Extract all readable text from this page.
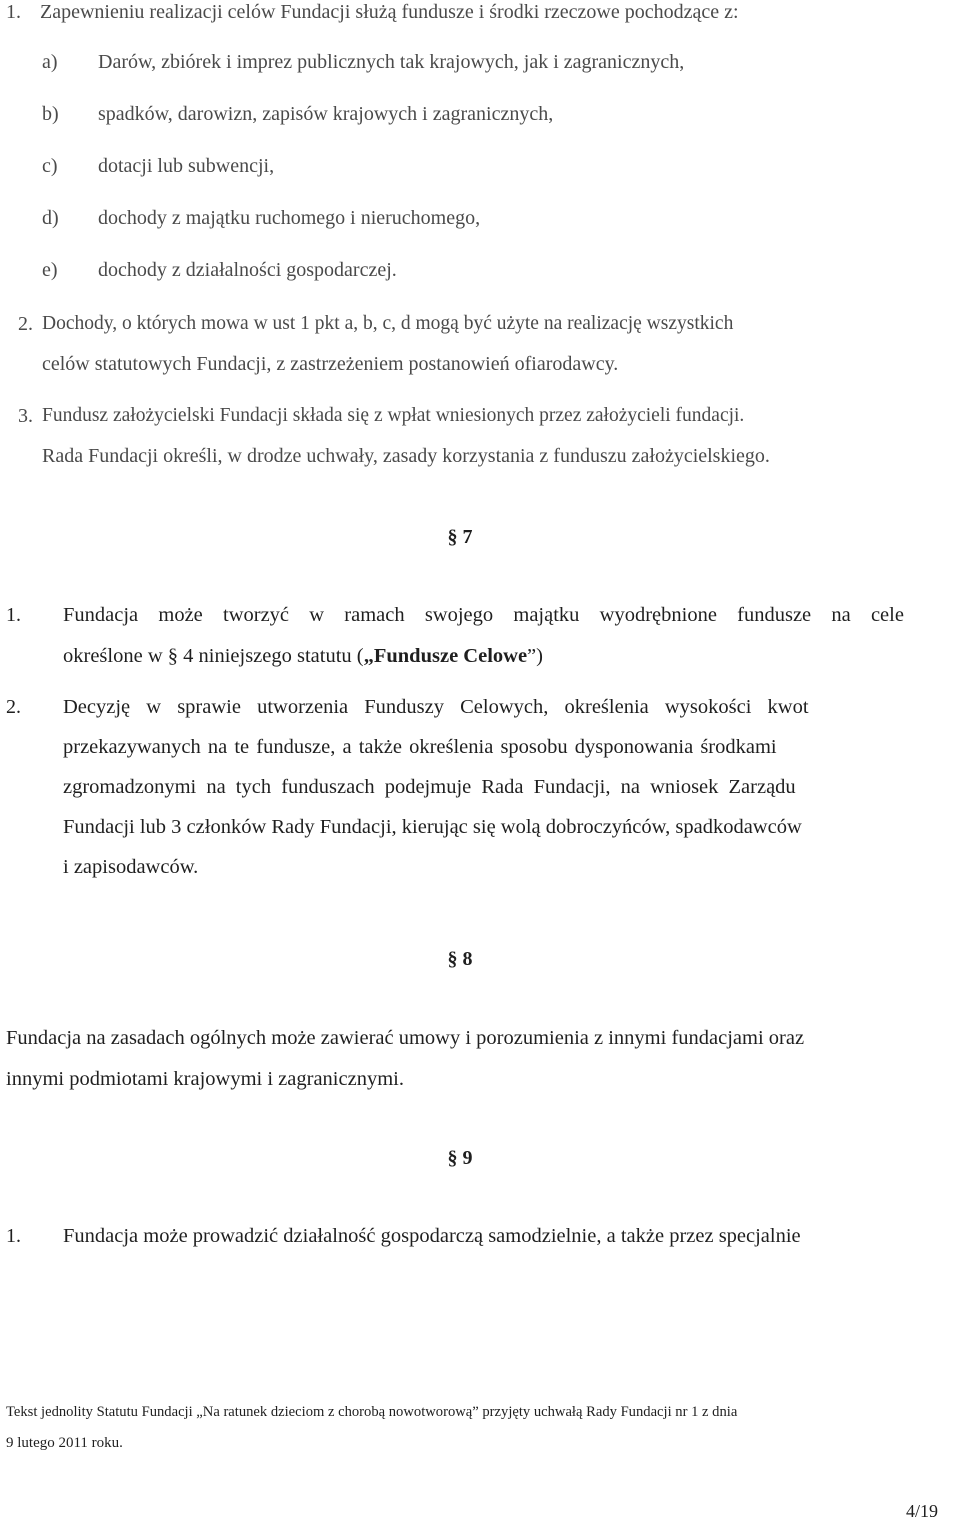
1. Zapewnieniu realizacji celów Fundacji służą fundusze i środki rzeczowe pochodzące z:
a) Darów, zbiórek i imprez publicznych tak krajowych, jak i zagranicznych,
b) spadków, darowizn, zapisów krajowych i zagranicznych,
c) dotacji lub subwencji,
d) dochody z majątku ruchomego i nieruchomego,
e) dochody z działalności gospodarczej.
2. Dochody, o których mowa w ust 1 pkt a, b, c, d mogą być użyte na realizację wszystkich
celów statutowych Fundacji, z zastrzeżeniem postanowień ofiarodawcy.
3. Fundusz założycielski Fundacji składa się z wpłat wniesionych przez założycieli fundacji.
Rada Fundacji określi, w drodze uchwały, zasady korzystania z funduszu założycielskiego.
§ 7
1. Fundacja może tworzyć w ramach swojego majątku wyodrębnione fundusze na cele
określone w § 4 niniejszego statutu („Fundusze Celowe”)
2. Decyzję w sprawie utworzenia Funduszy Celowych, określenia wysokości kwot
przekazywanych na te fundusze, a także określenia sposobu dysponowania środkami
zgromadzonymi na tych funduszach podejmuje Rada Fundacji, na wniosek Zarządu
Fundacji lub 3 członków Rady Fundacji, kierując się wolą dobroczyńców, spadkodawców
i zapisodawców.
§ 8
Fundacja na zasadach ogólnych może zawierać umowy i porozumienia z innymi fundacjami oraz
innymi podmiotami krajowymi i zagranicznymi.
§ 9
1. Fundacja może prowadzić działalność gospodarczą samodzielnie, a także przez specjalnie
Tekst jednolity Statutu Fundacji „Na ratunek dzieciom z chorobą nowotworową” przyjęty uchwałą Rady Fundacji nr 1 z dnia
9 lutego 2011 roku.
4/19
